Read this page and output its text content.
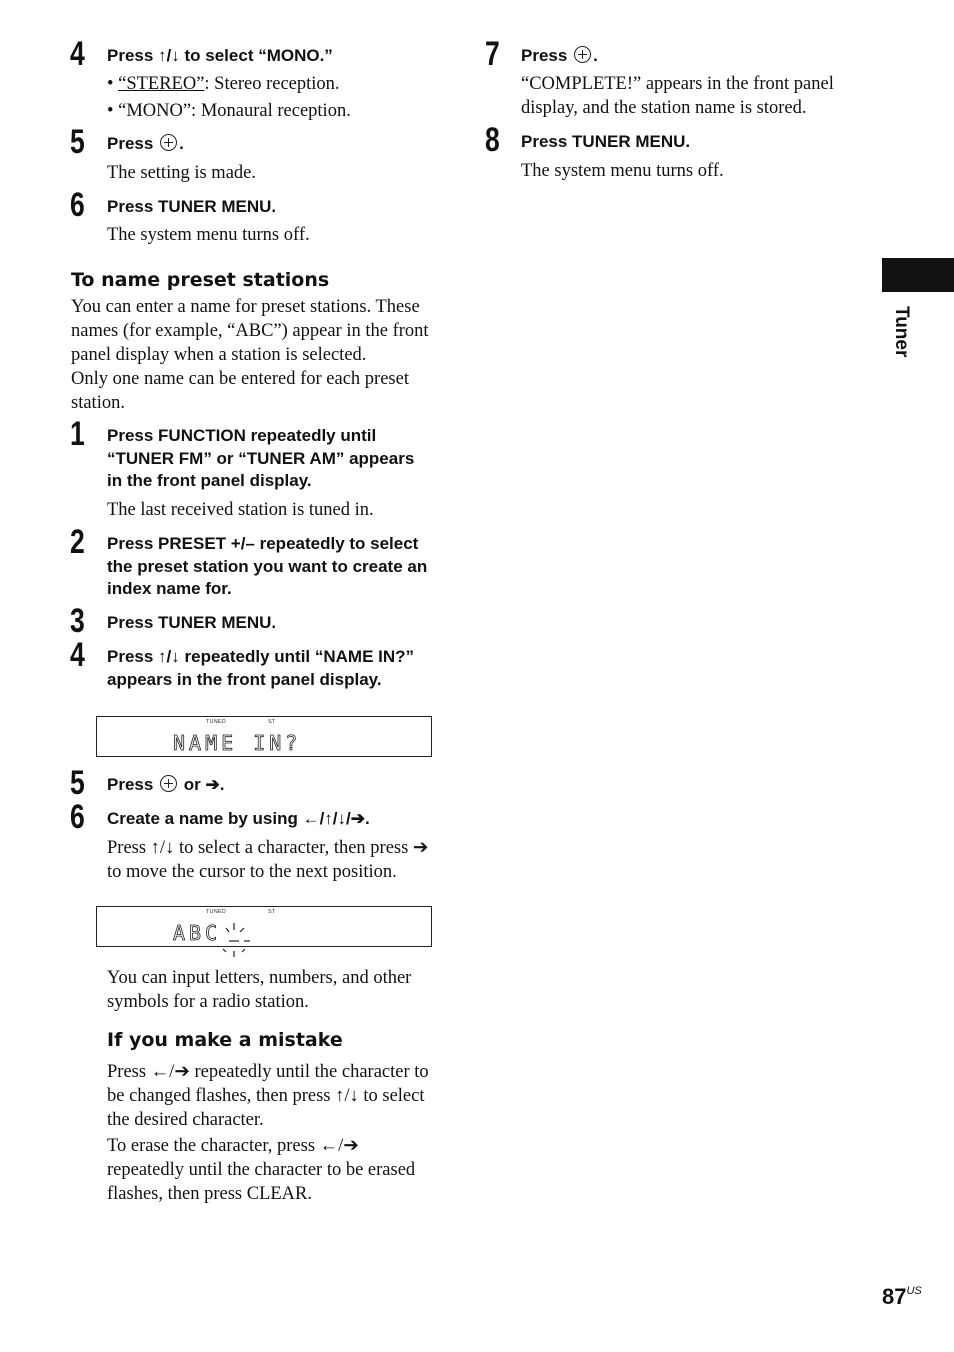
4 Press ↑/↓ to select “MONO.”
• “STEREO”: Stereo reception.
• “MONO”: Monaural reception.
5 Press .
The setting is made.
6 Press TUNER MENU.
The system menu turns off.
To name preset stations
You can enter a name for preset stations. These
names (for example, “ABC”) appear in the front
panel display when a station is selected.
Only one name can be entered for each preset
station.
1 Press FUNCTION repeatedly until
“TUNER FM” or “TUNER AM” appears
in the front panel display.
The last received station is tuned in.
2 Press PRESET +/– repeatedly to select
the preset station you want to create an
index name for.
3 Press TUNER MENU.
4 Press ↑/↓ repeatedly until “NAME IN?”
appears in the front panel display.
TUNED	ST
NAME IN?
5 Press or ➔.
6 Create a name by using ←/↑/↓/➔.
Press ↑/↓ to select a character, then press ➔
to move the cursor to the next position.
TUNED	ST
ABC
You can input letters, numbers, and other
symbols for a radio station.
If you make a mistake
Press ←/➔ repeatedly until the character to
be changed flashes, then press ↑/↓ to select
the desired character.
To erase the character, press ←/➔
repeatedly until the character to be erased
flashes, then press CLEAR.
7 Press .
“COMPLETE!” appears in the front panel
display, and the station name is stored.
8 Press TUNER MENU.
The system menu turns off.
Tuner
$87^{US}$
